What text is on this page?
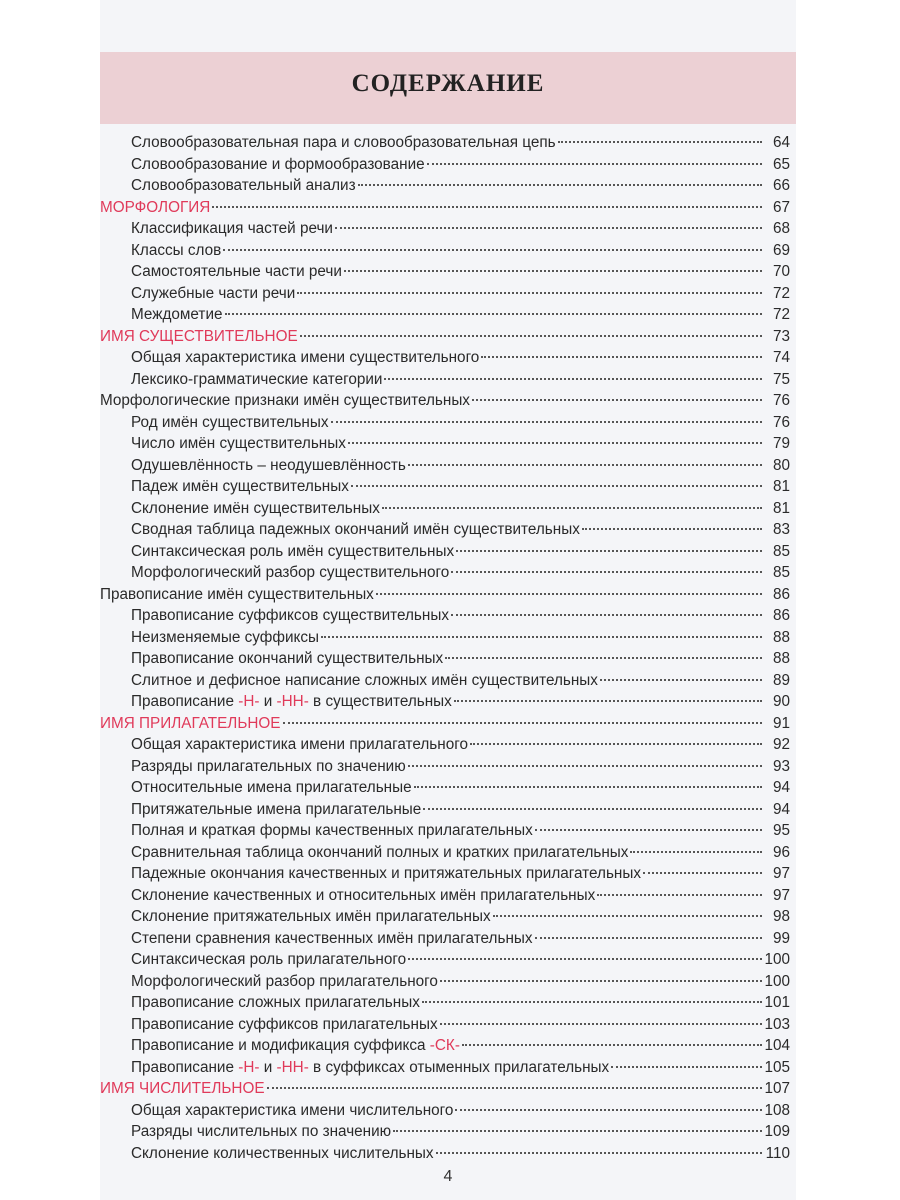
СОДЕРЖАНИЕ
Словообразовательная пара и словообразовательная цепь	64
Словообразование и формообразование	65
Словообразовательный анализ	66
МОРФОЛОГИЯ	67
Классификация частей речи	68
Классы слов	69
Самостоятельные части речи	70
Служебные части речи	72
Междометие	72
ИМЯ СУЩЕСТВИТЕЛЬНОЕ	73
Общая характеристика имени существительного	74
Лексико-грамматические категории	75
Морфологические признаки имён существительных	76
Род имён существительных	76
Число имён существительных	79
Одушевлённость – неодушевлённость	80
Падеж имён существительных	81
Склонение имён существительных	81
Сводная таблица падежных окончаний имён существительных	83
Синтаксическая роль имён существительных	85
Морфологический разбор существительного	85
Правописание имён существительных	86
Правописание суффиксов существительных	86
Неизменяемые суффиксы	88
Правописание окончаний существительных	88
Слитное и дефисное написание сложных имён существительных	89
Правописание -Н- и -НН- в существительных	90
ИМЯ ПРИЛАГАТЕЛЬНОЕ	91
Общая характеристика имени прилагательного	92
Разряды прилагательных по значению	93
Относительные имена прилагательные	94
Притяжательные имена прилагательные	94
Полная и краткая формы качественных прилагательных	95
Сравнительная таблица окончаний полных и кратких прилагательных	96
Падежные окончания качественных и притяжательных прилагательных	97
Склонение качественных и относительных имён прилагательных	97
Склонение притяжательных имён прилагательных	98
Степени сравнения качественных имён прилагательных	99
Синтаксическая роль прилагательного	100
Морфологический разбор прилагательного	100
Правописание сложных прилагательных	101
Правописание суффиксов прилагательных	103
Правописание и модификация суффикса -СК-	104
Правописание -Н- и -НН- в суффиксах отыменных прилагательных	105
ИМЯ ЧИСЛИТЕЛЬНОЕ	107
Общая характеристика имени числительного	108
Разряды числительных по значению	109
Склонение количественных числительных	110
4
